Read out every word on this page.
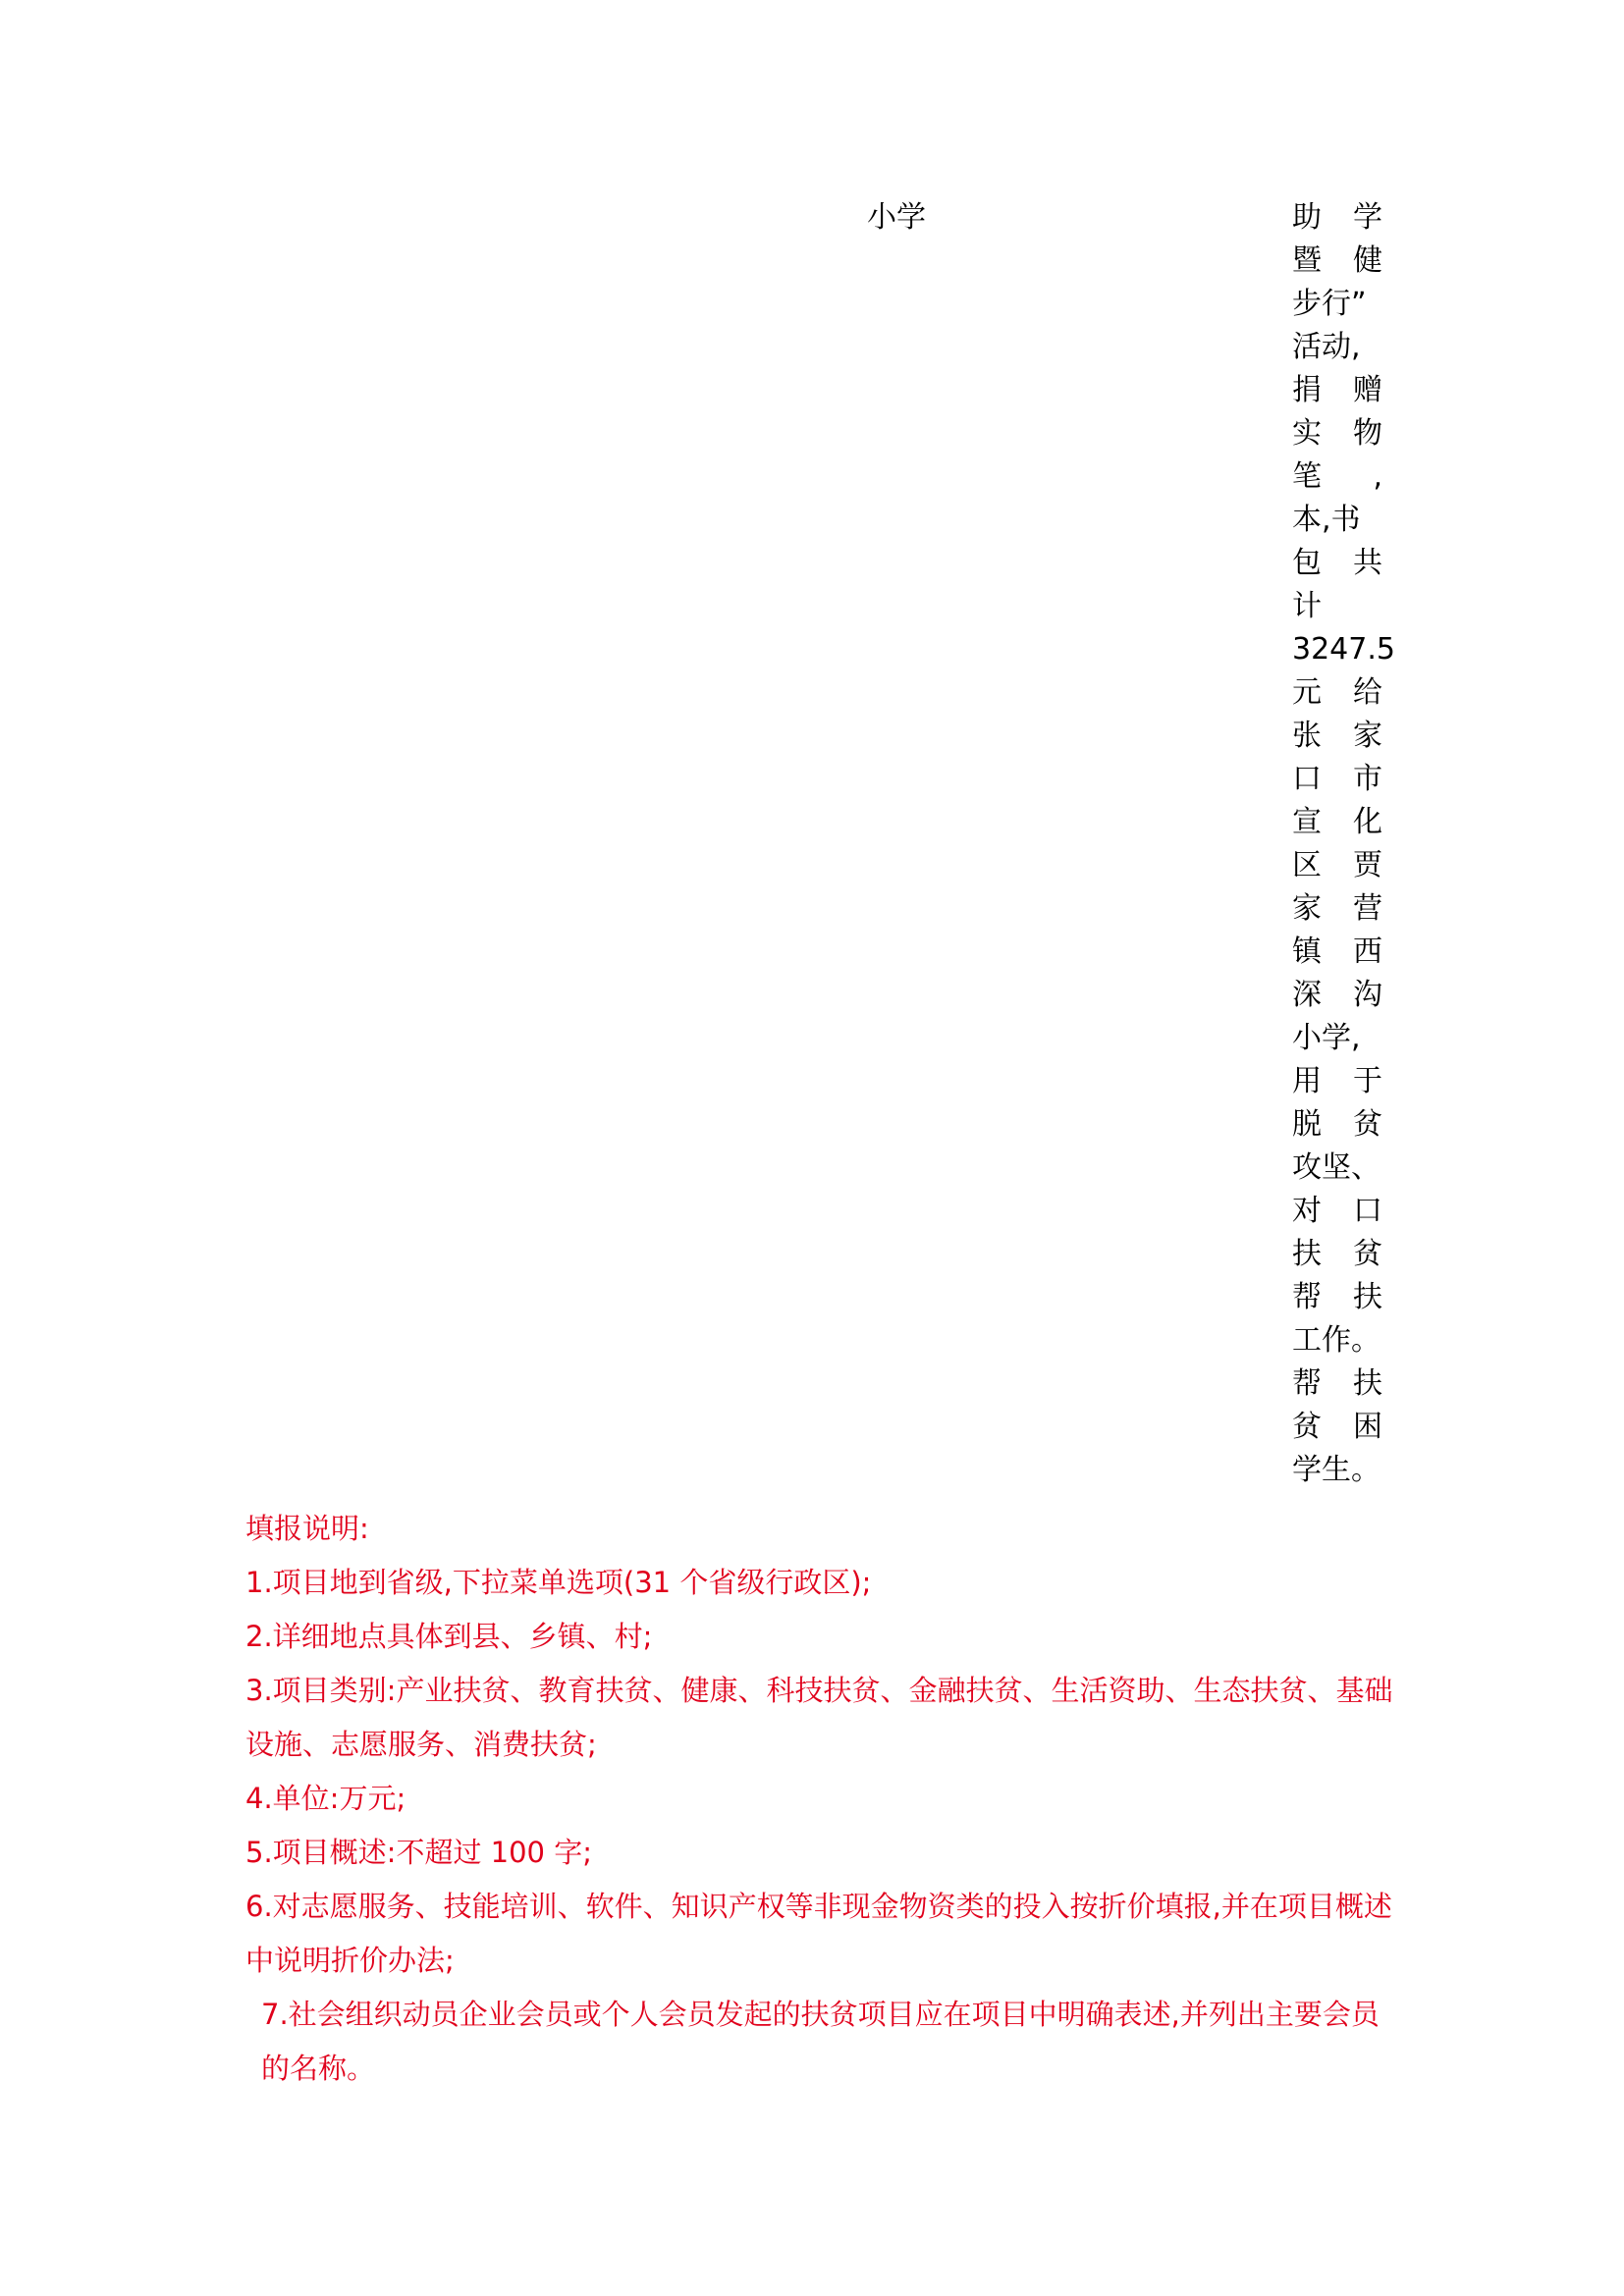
小学	助 学
暨 健
步行”
活动,
捐 赠
实 物
笔 ,
本,书
包 共
计
3247.5
元 给
张 家
口 市
宣 化
区 贾
家 营
镇 西
深 沟
小学,
用 于
脱 贫
攻坚、
对 口
扶 贫
帮 扶
工作。
帮 扶
贫 困
学生。

填报说明:

1.项目地到省级,下拉菜单选项(31 个省级行政区);

2.详细地点具体到县、乡镇、村;

3.项目类别:产业扶贫、教育扶贫、健康、科技扶贫、金融扶贫、生活资助、生态扶贫、基础设施、志愿服务、消费扶贫;

4.单位:万元;

5.项目概述:不超过 100 字;

6.对志愿服务、技能培训、软件、知识产权等非现金物资类的投入按折价填报,并在项目概述中说明折价办法;

7.社会组织动员企业会员或个人会员发起的扶贫项目应在项目中明确表述,并列出主要会员的名称。
